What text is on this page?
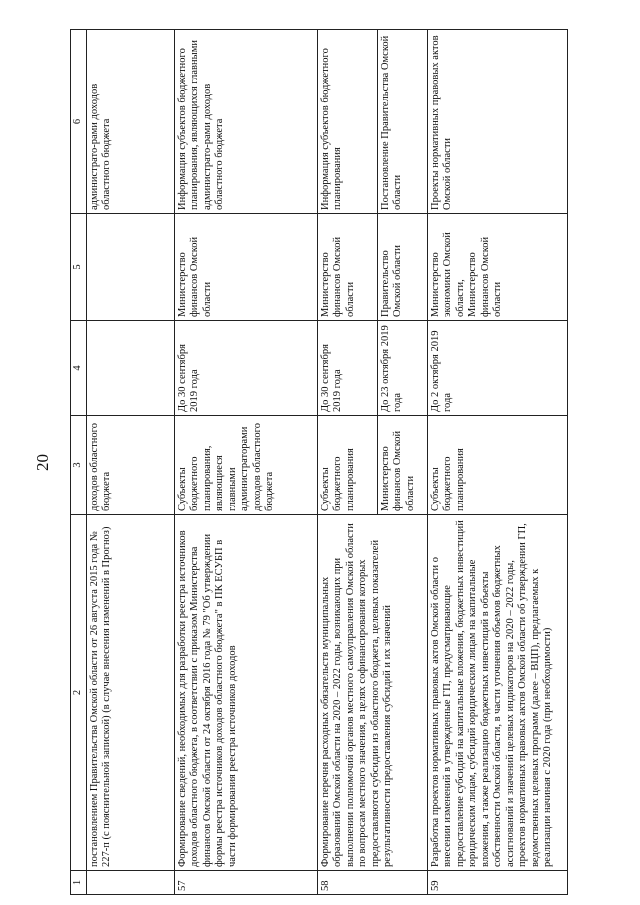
20
1	2	3	4	5	6
	постановлением Правительства Омской области от 26 августа 2015 года № 227-п (с пояснительной запиской) (в случае внесения изменений в Прогноз)	доходов областного бюджета			администрато-рами доходов областного бюджета
57	Формирование сведений, необходимых для разработки реестра источников доходов областного бюджета, в соответствии с приказом Министерства финансов Омской области от 24 октября 2016 года № 79 "Об утверждении формы реестра источников доходов областного бюджета" в ПК ЕСУБП в части формирования реестра источников доходов	Субъекты бюджетного планирования, являющиеся главными администраторами доходов областного бюджета	До 30 сентября 2019 года	Министерство финансов Омской области	Информация субъектов бюджетного планирования, являющихся главными администрато-рами доходов областного бюджета
58	Формирование перечня расходных обязательств муниципальных образований Омской области на 2020 – 2022 годы, возникающих при выполнении полномочий органов местного самоуправления Омской области по вопросам местного значения, в целях софинансирования которых предоставляются субсидии из областного бюджета, целевых показателей результативности предоставления субсидий и их значений	Субъекты бюджетного планирования	До 30 сентября 2019 года	Министерство финансов Омской области	Информация субъектов бюджетного планирования
		Министерство финансов Омской области	До 23 октября 2019 года	Правительство Омской области	Постановление Правительства Омской области
59	Разработка проектов нормативных правовых актов Омской области о внесении изменений в утвержденные ГП, предусматривающие предоставление субсидий на капитальные вложения, бюджетных инвестиций юридическим лицам, субсидий юридическим лицам на капитальные вложения, а также реализацию бюджетных инвестиций в объекты собственности Омской области, в части уточнения объемов бюджетных ассигнований и значений целевых индикаторов на 2020 – 2022 годы, проектов нормативных правовых актов Омской области об утверждении ГП, ведомственных целевых программ (далее – ВЦП), предлагаемых к реализации начиная с 2020 года (при необходимости)	Субъекты бюджетного планирования	До 2 октября 2019 года	Министерство экономики Омской области, Министерство финансов Омской области	Проекты нормативных правовых актов Омской области
